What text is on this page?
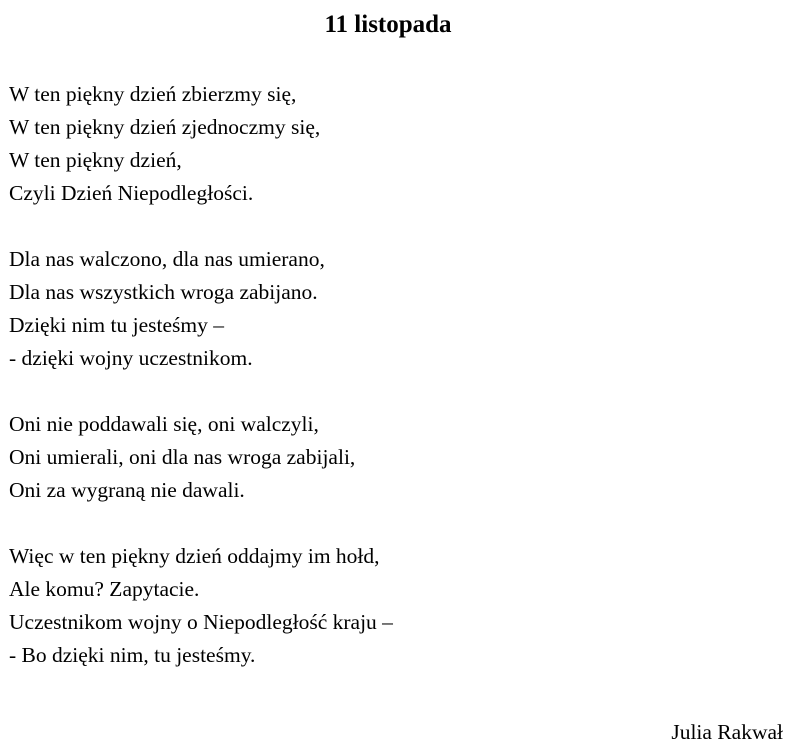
11 listopada
W ten piękny dzień zbierzmy się,
W ten piękny dzień zjednoczmy się,
W ten piękny dzień,
Czyli Dzień Niepodległości.
Dla nas walczono, dla nas umierano,
Dla nas wszystkich wroga zabijano.
Dzięki nim tu jesteśmy –
- dzięki wojny uczestnikom.
Oni nie poddawali się, oni walczyli,
Oni umierali, oni dla nas wroga zabijali,
Oni za wygraną nie dawali.
Więc w ten piękny dzień oddajmy im hołd,
Ale komu? Zapytacie.
Uczestnikom wojny o Niepodległość kraju –
- Bo dzięki nim, tu jesteśmy.
Julia Rakwał
